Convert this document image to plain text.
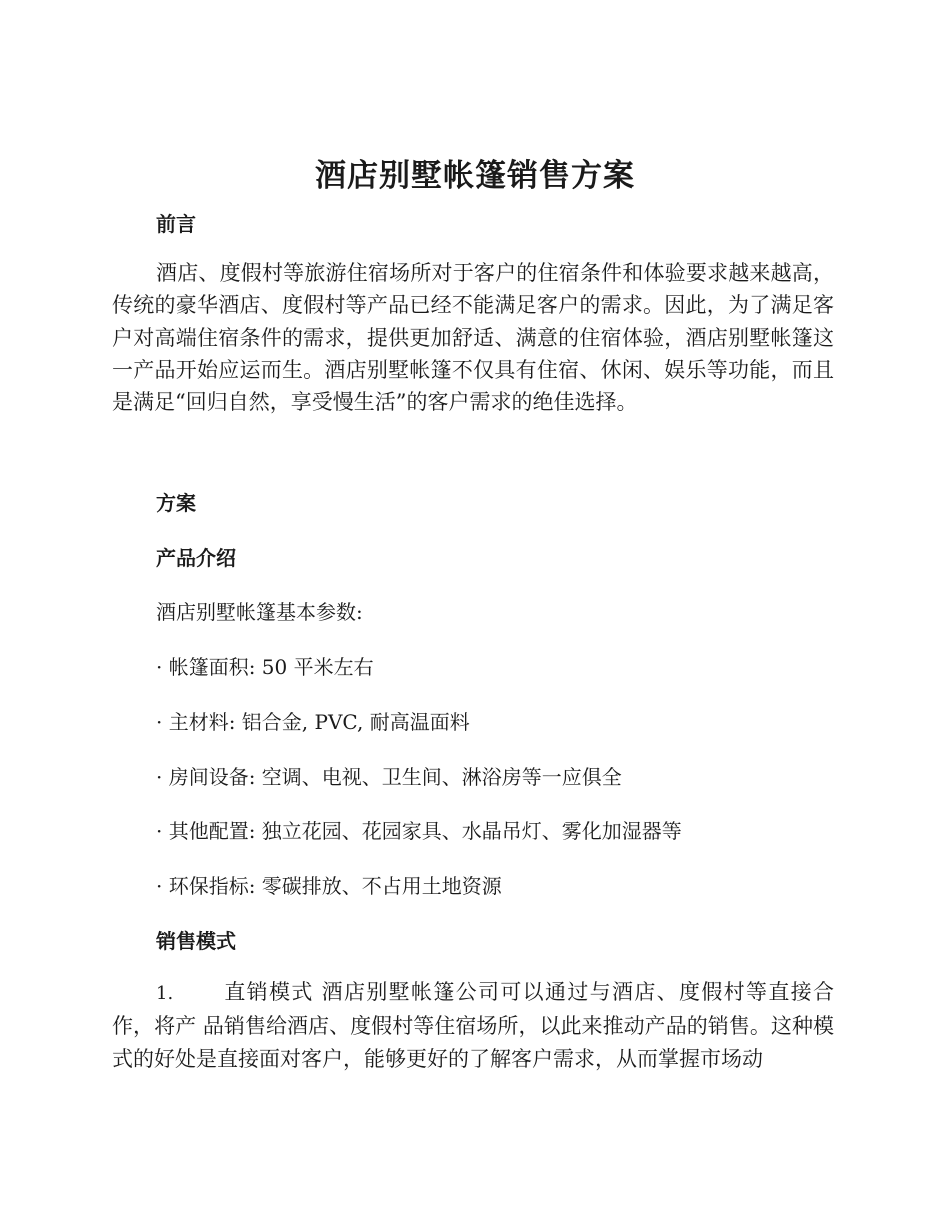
酒店别墅帐篷销售方案
前言

酒店、度假村等旅游住宿场所对于客户的住宿条件和体验要求越来越高，传统的豪华酒店、度假村等产品已经不能满足客户的需求。因此，为了满足客户对高端住宿条件的需求，提供更加舒适、满意的住宿体验，酒店别墅帐篷这一产品开始应运而生。酒店别墅帐篷不仅具有住宿、休闲、娱乐等功能，而且是满足“回归自然，享受慢生活”的客户需求的绝佳选择。

方案
产品介绍

酒店别墅帐篷基本参数:

· 帐篷面积: 50 平米左右

· 主材料: 铝合金, PVC, 耐高温面料

· 房间设备: 空调、电视、卫生间、淋浴房等一应俱全

· 其他配置: 独立花园、花园家具、水晶吊灯、雾化加湿器等

· 环保指标: 零碳排放、不占用土地资源

销售模式

1. 直销模式 酒店别墅帐篷公司可以通过与酒店、度假村等直接合作，将产 品销售给酒店、度假村等住宿场所，以此来推动产品的销售。这种模式的好处是直接面对客户，能够更好的了解客户需求，从而掌握市场动
